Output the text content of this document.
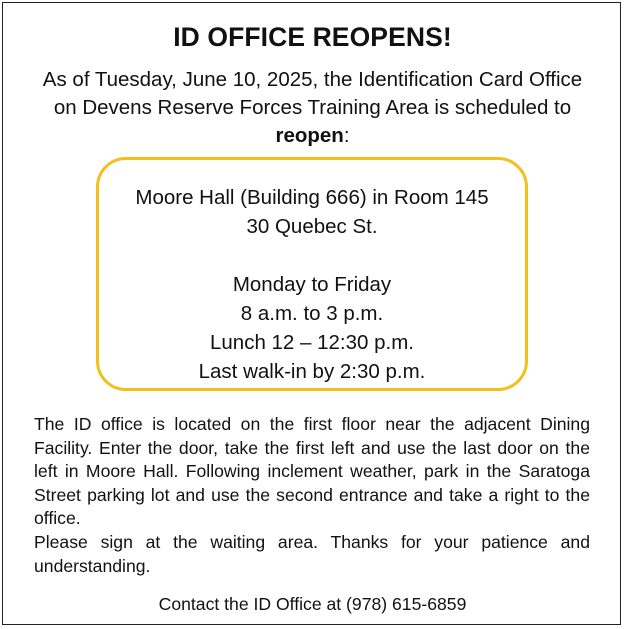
ID OFFICE REOPENS!
As of Tuesday, June 10, 2025, the Identification Card Office on Devens Reserve Forces Training Area is scheduled to reopen:
Moore Hall (Building 666) in Room 145
30 Quebec St.
Monday to Friday
8 a.m. to 3 p.m.
Lunch 12 – 12:30 p.m.
Last walk-in by 2:30 p.m.

The ID office is located on the first floor near the adjacent Dining Facility. Enter the door, take the first left and use the last door on the left in Moore Hall. Following inclement weather, park in the Saratoga Street parking lot and use the second entrance and take a right to the office.

Please sign at the waiting area. Thanks for your patience and understanding.

Contact the ID Office at (978) 615-6859
